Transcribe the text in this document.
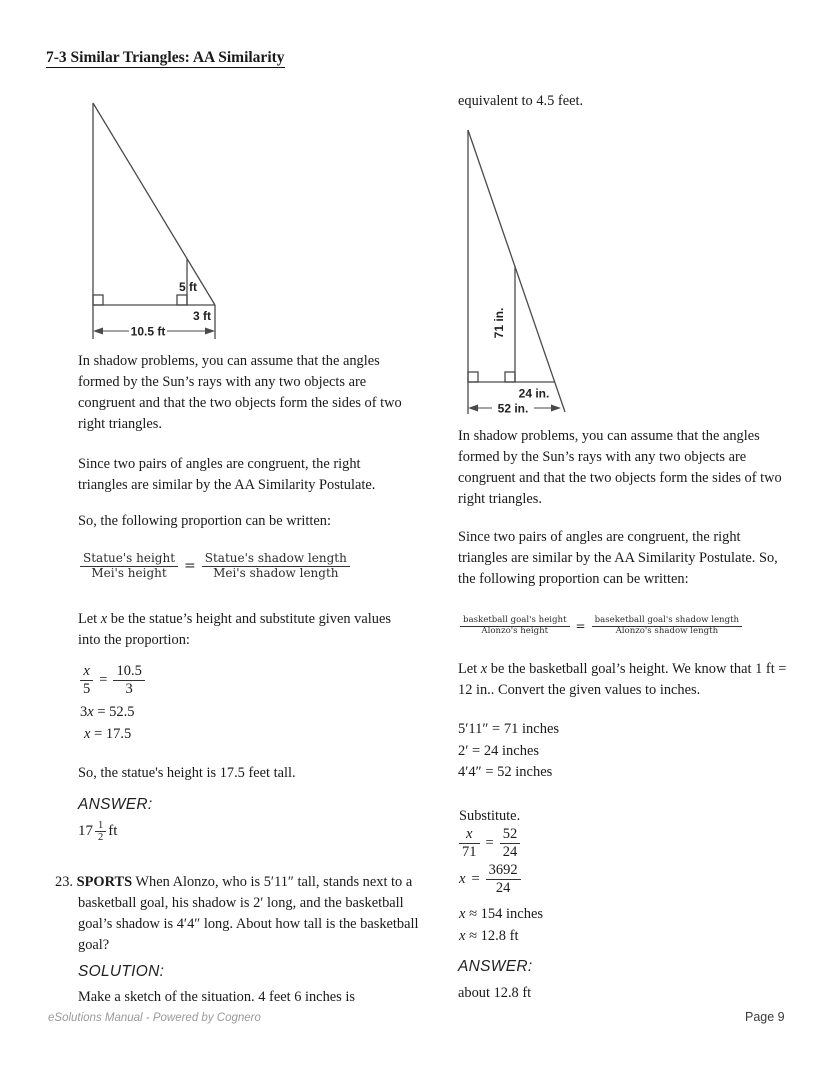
7-3 Similar Triangles: AA Similarity
5 ft
3 ft
10.5 ft
In shadow problems, you can assume that the angles formed by the Sun’s rays with any two objects are congruent and that the two objects form the sides of two right triangles.
Since two pairs of angles are congruent, the right triangles are similar by the AA Similarity Postulate.
So, the following proportion can be written:
$\frac{\text{Statue's height}}{\text{Mei's height}} = \frac{\text{Statue's shadow length}}{\text{Mei's shadow length}}$
Let x be the statue’s height and substitute given values into the proportion:
$\frac{x}{5} = \frac{10.5}{3}$
3x = 52.5
x = 17.5
So, the statue's height is 17.5 feet tall.
ANSWER:
$17 \frac{1}{2}$ ft
23. SPORTS When Alonzo, who is 5′11″ tall, stands next to a basketball goal, his shadow is 2′ long, and the basketball goal’s shadow is 4′4″ long. About how tall is the basketball goal?
SOLUTION:
Make a sketch of the situation. 4 feet 6 inches is
equivalent to 4.5 feet.
71 in.
24 in.
52 in.
In shadow problems, you can assume that the angles formed by the Sun’s rays with any two objects are congruent and that the two objects form the sides of two right triangles.
Since two pairs of angles are congruent, the right triangles are similar by the AA Similarity Postulate. So, the following proportion can be written:
$\frac{\text{basketball goal's height}}{\text{Alonzo's height}} = \frac{\text{baseketball goal's shadow length}}{\text{Alonzo's shadow length}}$
Let x be the basketball goal’s height. We know that 1 ft = 12 in.. Convert the given values to inches.
5′11″ = 71 inches
2′ = 24 inches
4′4″ = 52 inches
Substitute.
$\frac{x}{71} = \frac{52}{24}$
$x = \frac{3692}{24}$
x ≈ 154 inches
x ≈ 12.8 ft
ANSWER:
about 12.8 ft
eSolutions Manual - Powered by Cognero	Page 9
